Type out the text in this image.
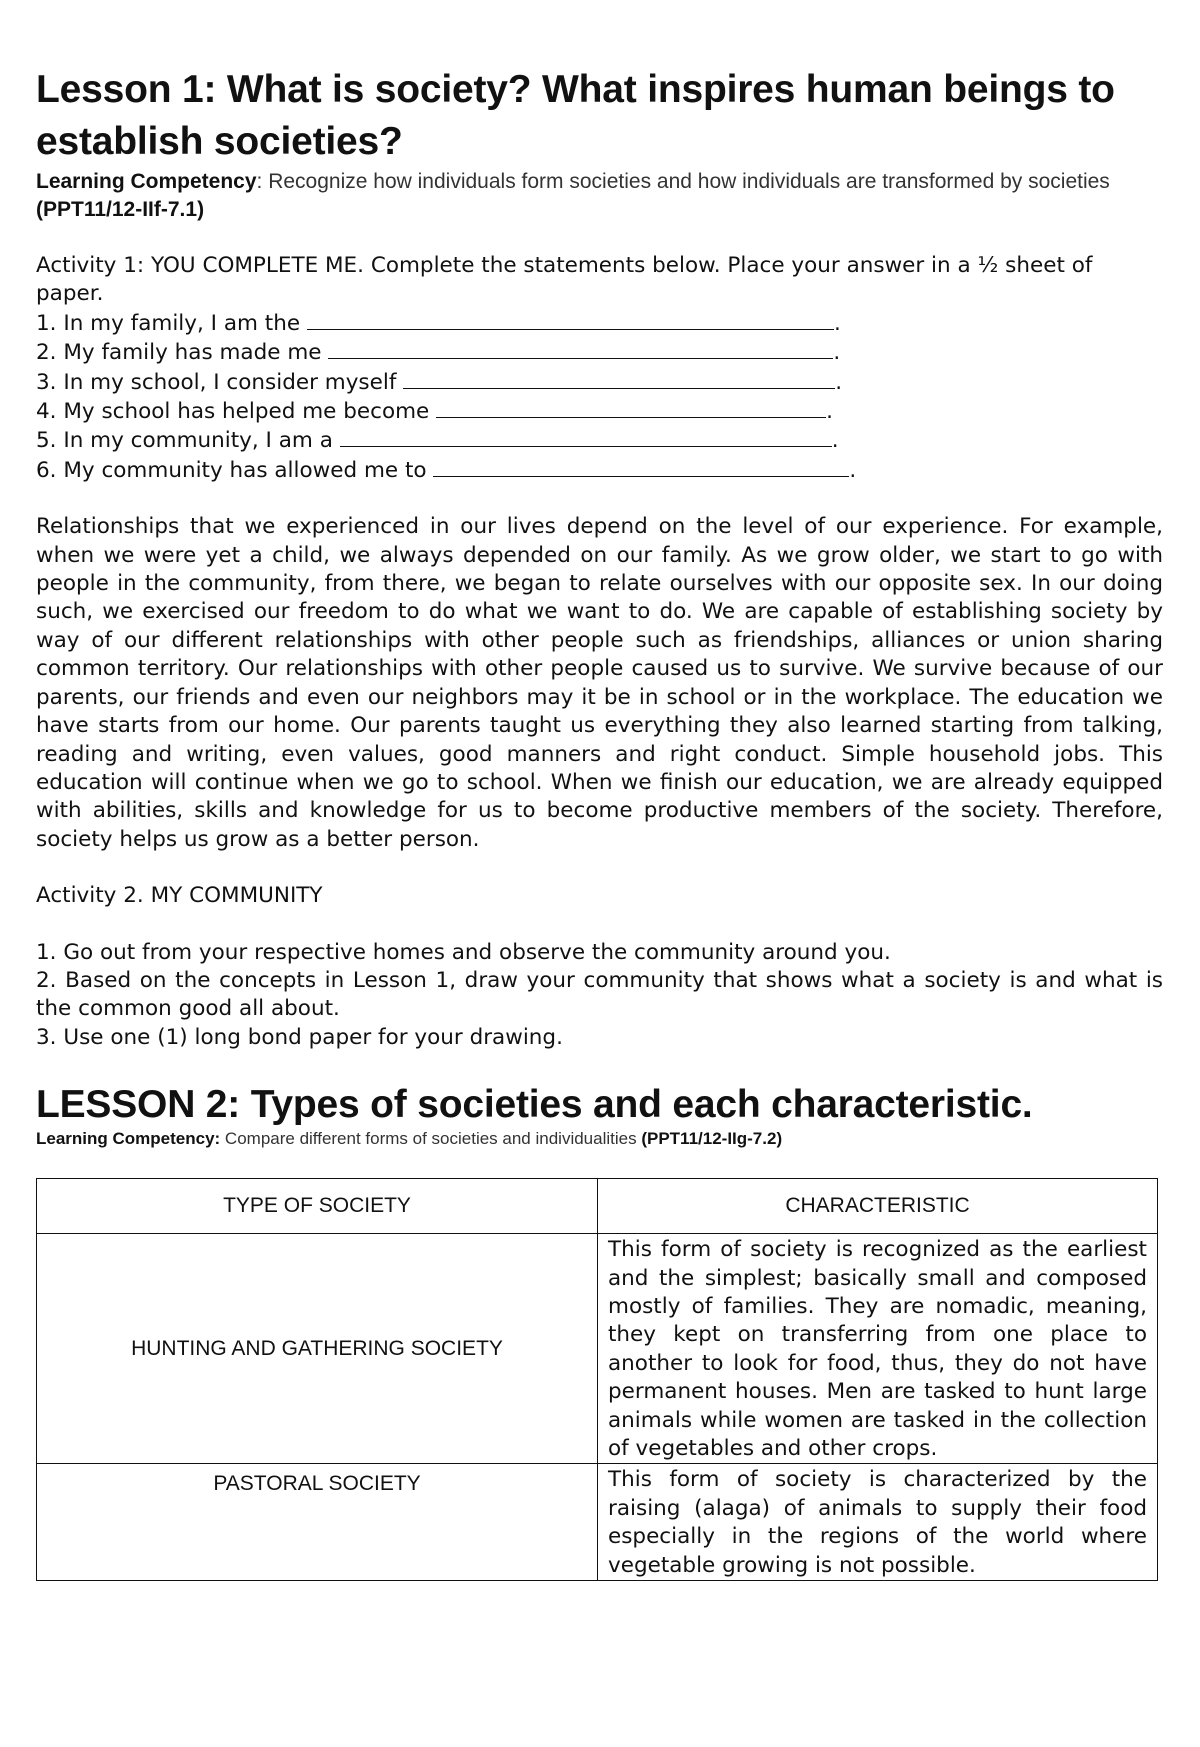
Lesson 1: What is society? What inspires human beings to establish societies?

Learning Competency: Recognize how individuals form societies and how individuals are transformed by societies (PPT11/12-IIf-7.1)

Activity 1: YOU COMPLETE ME. Complete the statements below. Place your answer in a ½ sheet of paper.

1. In my family, I am the	.
2. My family has made me	.
3. In my school, I consider myself	.
4. My school has helped me become	.
5. In my community, I am a	.
6. My community has allowed me to	.

Relationships that we experienced in our lives depend on the level of our experience. For example, when we were yet a child, we always depended on our family. As we grow older, we start to go with people in the community, from there, we began to relate ourselves with our opposite sex. In our doing such, we exercised our freedom to do what we want to do. We are capable of establishing society by way of our different relationships with other people such as friendships, alliances or union sharing common territory. Our relationships with other people caused us to survive. We survive because of our parents, our friends and even our neighbors may it be in school or in the workplace. The education we have starts from our home. Our parents taught us everything they also learned starting from talking, reading and writing, even values, good manners and right conduct. Simple household jobs. This education will continue when we go to school. When we finish our education, we are already equipped with abilities, skills and knowledge for us to become productive members of the society. Therefore, society helps us grow as a better person.

Activity 2. MY COMMUNITY

1. Go out from your respective homes and observe the community around you.

2. Based on the concepts in Lesson 1, draw your community that shows what a society is and what is the common good all about.

3. Use one (1) long bond paper for your drawing.

LESSON 2: Types of societies and each characteristic.

Learning Competency: Compare different forms of societies and individualities (PPT11/12-IIg-7.2)

TYPE OF SOCIETY	CHARACTERISTIC
HUNTING AND GATHERING SOCIETY	This form of society is recognized as the earliest and the simplest; basically small and composed mostly of families. They are nomadic, meaning, they kept on transferring from one place to another to look for food, thus, they do not have permanent houses. Men are tasked to hunt large animals while women are tasked in the collection of vegetables and other crops.
PASTORAL SOCIETY	This form of society is characterized by the raising (alaga) of animals to supply their food especially in the regions of the world where vegetable growing is not possible.
